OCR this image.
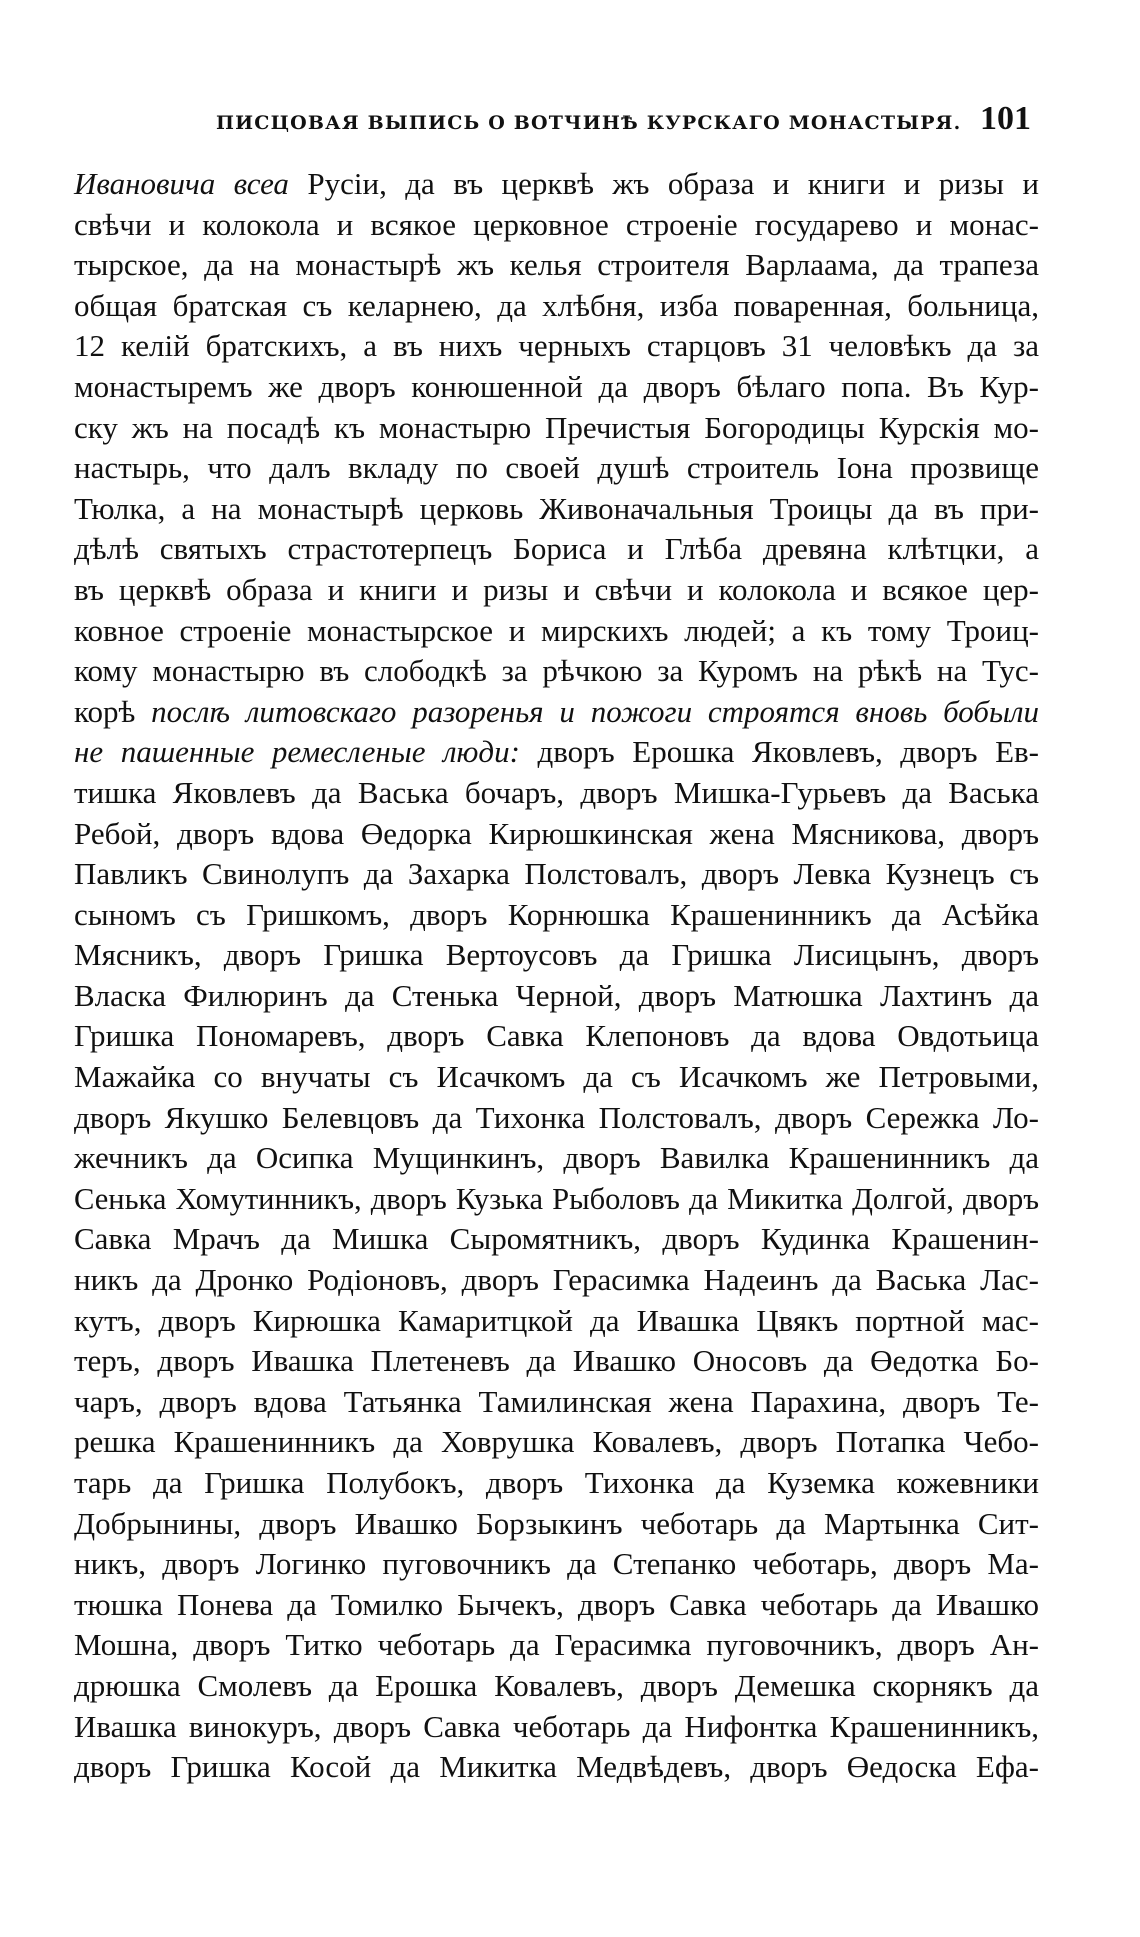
ПИСЦОВАЯ ВЫПИСЬ О ВОТЧИНѢ КУРСКАГО МОНАСТЫРЯ. 101
Ивановича всеа Русіи, да въ церквѣ жъ образа и книги и ризы и
свѣчи и колокола и всякое церковное строеніе государево и монас-
тырское, да на монастырѣ жъ келья строителя Варлаама, да трапеза
общая братская съ келарнею, да хлѣбня, изба поваренная, больница,
12 келій братскихъ, а въ нихъ черныхъ старцовъ 31 человѣкъ да за
монастыремъ же дворъ конюшенной да дворъ бѣлаго попа. Въ Кур-
ску жъ на посадѣ къ монастырю Пречистыя Богородицы Курскія мо-
настырь, что далъ вкладу по своей душѣ строитель Іона прозвище
Тюлка, а на монастырѣ церковь Живоначальныя Троицы да въ при-
дѣлѣ святыхъ страстотерпецъ Бориса и Глѣба древяна клѣтцки, а
въ церквѣ образа и книги и ризы и свѣчи и колокола и всякое цер-
ковное строеніе монастырское и мирскихъ людей; а къ тому Троиц-
кому монастырю въ слободкѣ за рѣчкою за Куромъ на рѣкѣ на Тус-
корѣ послѣ литовскаго разоренья и пожоги строятся вновь бобыли
не пашенные ремесленые люди: дворъ Ерошка Яковлевъ, дворъ Ев-
тишка Яковлевъ да Васька бочаръ, дворъ Мишка-Гурьевъ да Васька
Ребой, дворъ вдова Өедорка Кирюшкинская жена Мясникова, дворъ
Павликъ Свинолупъ да Захарка Полстовалъ, дворъ Левка Кузнецъ съ
сыномъ съ Гришкомъ, дворъ Корнюшка Крашенинникъ да Асѣйка
Мясникъ, дворъ Гришка Вертоусовъ да Гришка Лисицынъ, дворъ
Власка Филюринъ да Стенька Черной, дворъ Матюшка Лахтинъ да
Гришка Пономаревъ, дворъ Савка Клепоновъ да вдова Овдотьица
Мажайка со внучаты съ Исачкомъ да съ Исачкомъ же Петровыми,
дворъ Якушко Белевцовъ да Тихонка Полстовалъ, дворъ Сережка Ло-
жечникъ да Осипка Мущинкинъ, дворъ Вавилка Крашенинникъ да
Сенька Хомутинникъ, дворъ Кузька Рыболовъ да Микитка Долгой, дворъ
Савка Мрачъ да Мишка Сыромятникъ, дворъ Кудинка Крашенин-
никъ да Дронко Родіоновъ, дворъ Герасимка Надеинъ да Васька Лас-
кутъ, дворъ Кирюшка Камаритцкой да Ивашка Цвякъ портной мас-
теръ, дворъ Ивашка Плетеневъ да Ивашко Оносовъ да Өедотка Бо-
чаръ, дворъ вдова Татьянка Тамилинская жена Парахина, дворъ Те-
решка Крашенинникъ да Ховрушка Ковалевъ, дворъ Потапка Чебо-
тарь да Гришка Полубокъ, дворъ Тихонка да Куземка кожевники
Добрынины, дворъ Ивашко Борзыкинъ чеботарь да Мартынка Сит-
никъ, дворъ Логинко пуговочникъ да Степанко чеботарь, дворъ Ма-
тюшка Понева да Томилко Бычекъ, дворъ Савка чеботарь да Ивашко
Мошна, дворъ Титко чеботарь да Герасимка пуговочникъ, дворъ Ан-
дрюшка Смолевъ да Ерошка Ковалевъ, дворъ Демешка скорнякъ да
Ивашка винокуръ, дворъ Савка чеботарь да Нифонтка Крашенинникъ,
дворъ Гришка Косой да Микитка Медвѣдевъ, дворъ Өедоска Ефа-
